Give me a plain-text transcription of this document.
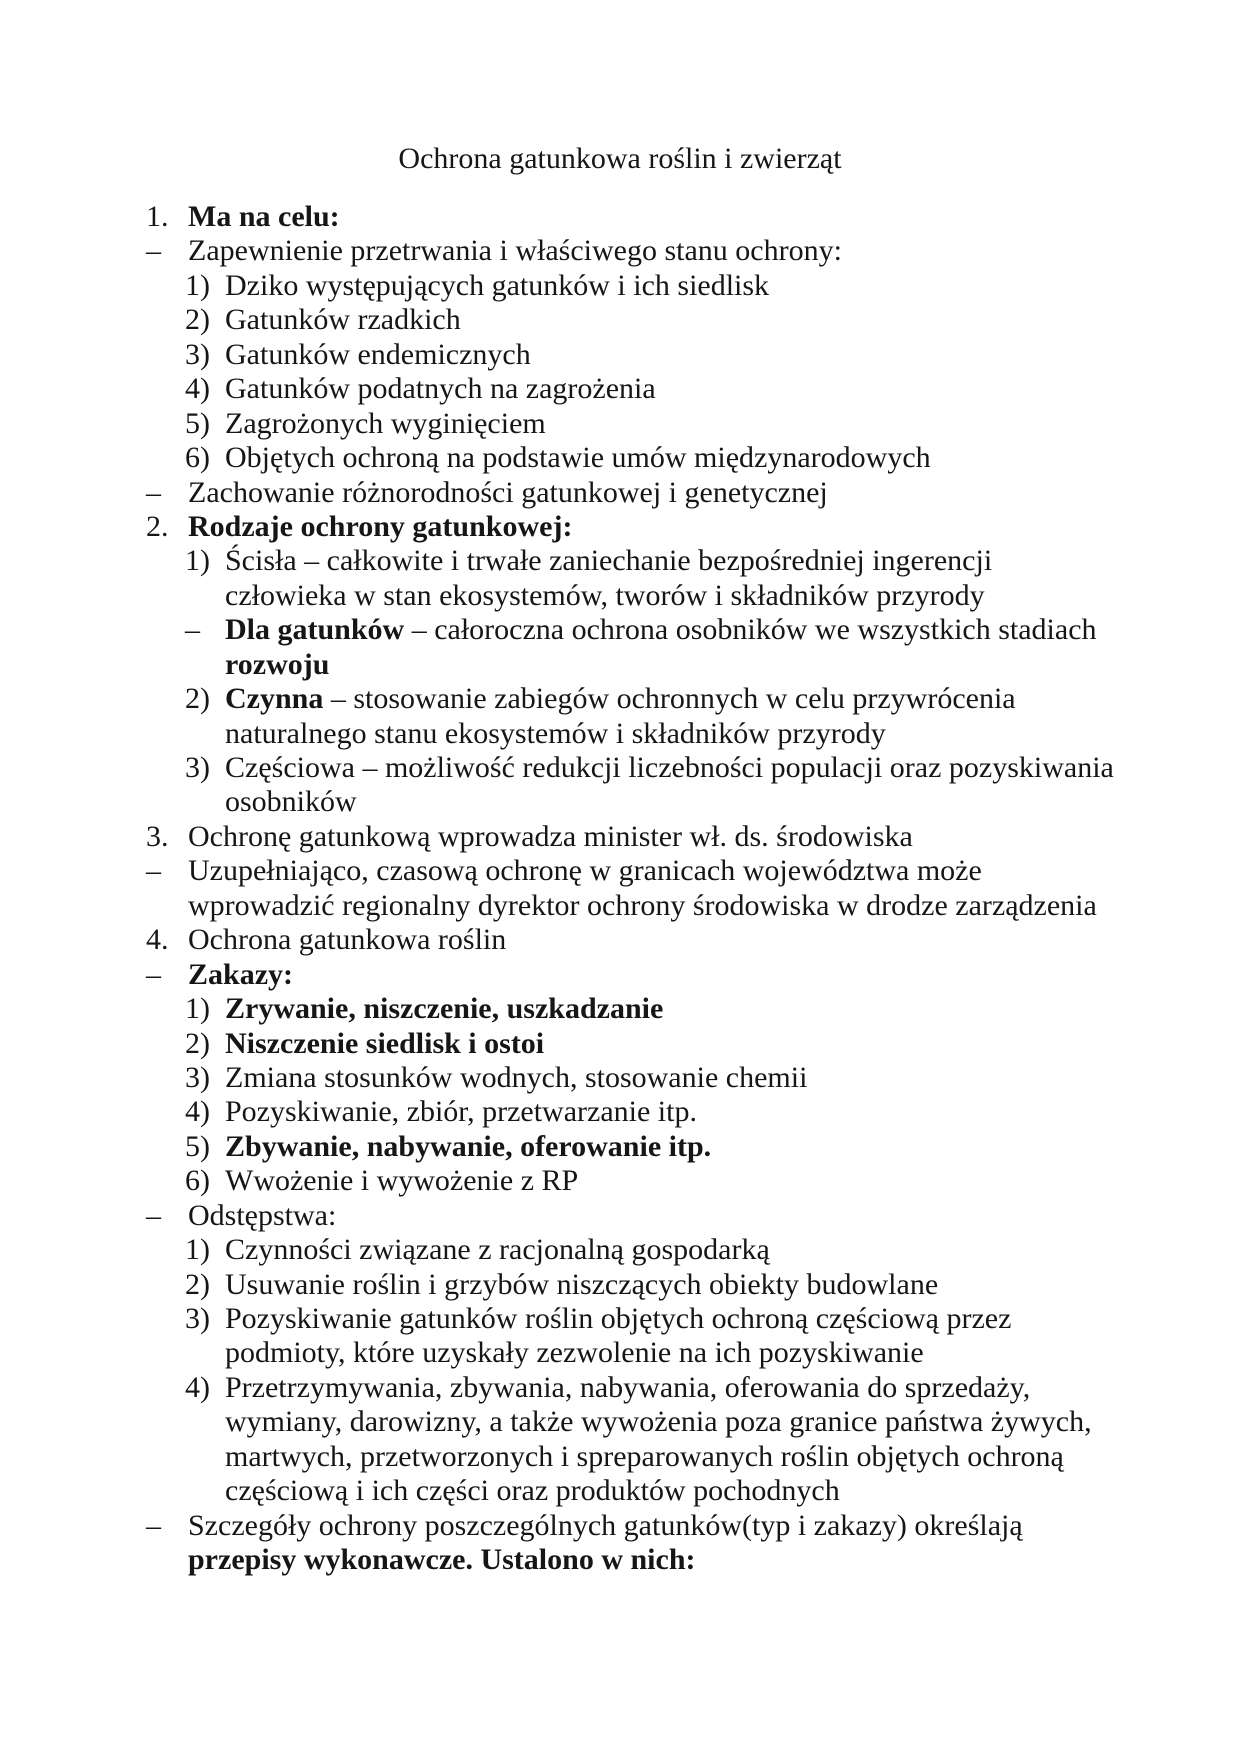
Ochrona gatunkowa roślin i zwierząt
1. Ma na celu:
– Zapewnienie przetrwania i właściwego stanu ochrony:
1) Dziko występujących gatunków i ich siedlisk
2) Gatunków rzadkich
3) Gatunków endemicznych
4) Gatunków podatnych na zagrożenia
5) Zagrożonych wyginięciem
6) Objętych ochroną na podstawie umów międzynarodowych
– Zachowanie różnorodności gatunkowej i genetycznej
2. Rodzaje ochrony gatunkowej:
1) Ścisła – całkowite i trwałe zaniechanie bezpośredniej ingerencji
człowieka w stan ekosystemów, tworów i składników przyrody
– Dla gatunków – całoroczna ochrona osobników we wszystkich stadiach
rozwoju
2) Czynna – stosowanie zabiegów ochronnych w celu przywrócenia
naturalnego stanu ekosystemów i składników przyrody
3) Częściowa – możliwość redukcji liczebności populacji oraz pozyskiwania
osobników
3. Ochronę gatunkową wprowadza minister wł. ds. środowiska
– Uzupełniająco, czasową ochronę w granicach województwa może
wprowadzić regionalny dyrektor ochrony środowiska w drodze zarządzenia
4. Ochrona gatunkowa roślin
– Zakazy:
1) Zrywanie, niszczenie, uszkadzanie
2) Niszczenie siedlisk i ostoi
3) Zmiana stosunków wodnych, stosowanie chemii
4) Pozyskiwanie, zbiór, przetwarzanie itp.
5) Zbywanie, nabywanie, oferowanie itp.
6) Wwożenie i wywożenie z RP
– Odstępstwa:
1) Czynności związane z racjonalną gospodarką
2) Usuwanie roślin i grzybów niszczących obiekty budowlane
3) Pozyskiwanie gatunków roślin objętych ochroną częściową przez
podmioty, które uzyskały zezwolenie na ich pozyskiwanie
4) Przetrzymywania, zbywania, nabywania, oferowania do sprzedaży,
wymiany, darowizny, a także wywożenia poza granice państwa żywych,
martwych, przetworzonych i spreparowanych roślin objętych ochroną
częściową i ich części oraz produktów pochodnych
– Szczegóły ochrony poszczególnych gatunków(typ i zakazy) określają
przepisy wykonawcze. Ustalono w nich:
